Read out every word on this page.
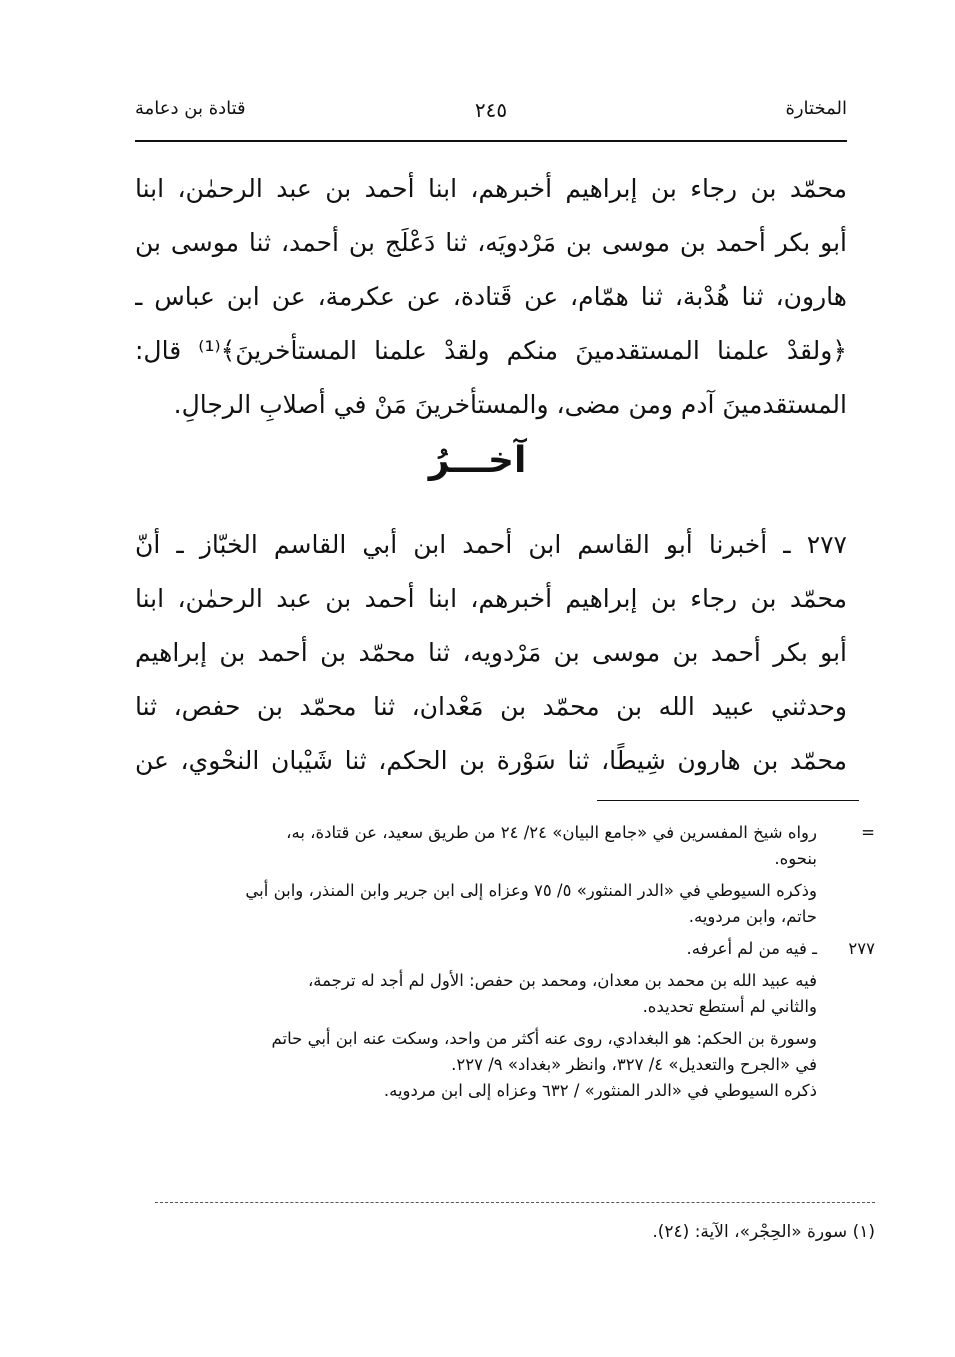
المختارة
٢٤٥
قتادة بن دعامة
محمّد بن رجاء بن إبراهيم أخبرهم، ابنا أحمد بن عبد الرحمٰن، ابنا
أبو بكر أحمد بن موسى بن مَرْدويَه، ثنا دَعْلَج بن أحمد، ثنا موسى بن
هارون، ثنا هُدْبة، ثنا همّام، عن قَتادة، عن عكرمة، عن ابن عباس ـ
﴿ولقدْ علمنا المستقدمينَ منكم ولقدْ علمنا المستأخرينَ﴾⁽¹⁾ قال:
المستقدمينَ آدم ومن مضى، والمستأخرينَ مَنْ في أصلابِ الرجالِ.
آخـــرُ
٢٧٧ ـ أخبرنا أبو القاسم ابن أحمد ابن أبي القاسم الخبّاز ـ أنّ
محمّد بن رجاء بن إبراهيم أخبرهم، ابنا أحمد بن عبد الرحمٰن، ابنا
أبو بكر أحمد بن موسى بن مَرْدويه، ثنا محمّد بن أحمد بن إبراهيم
وحدثني عبيد الله بن محمّد بن مَعْدان، ثنا محمّد بن حفص، ثنا
محمّد بن هارون شِيطًا، ثنا سَوْرة بن الحكم، ثنا شَيْبان النحْوي، عن
=
رواه شيخ المفسرين في «جامع البيان» ٢٤/ ٢٤ من طريق سعيد، عن قتادة، به،
بنحوه.
وذكره السيوطي في «الدر المنثور» ٥/ ٧٥ وعزاه إلى ابن جرير وابن المنذر، وابن أبي
حاتم، وابن مردويه.
٢٧٧
ـ فيه من لم أعرفه.
فيه عبيد الله بن محمد بن معدان، ومحمد بن حفص: الأول لم أجد له ترجمة،
والثاني لم أستطع تحديده.
وسورة بن الحكم: هو البغدادي، روى عنه أكثر من واحد، وسكت عنه ابن أبي حاتم
في «الجرح والتعديل» ٤/ ٣٢٧، وانظر «بغداد» ٩/ ٢٢٧.
ذكره السيوطي في «الدر المنثور» / ٦٣٢ وعزاه إلى ابن مردويه.
(١) سورة «الحِجْر»، الآية: (٢٤).
